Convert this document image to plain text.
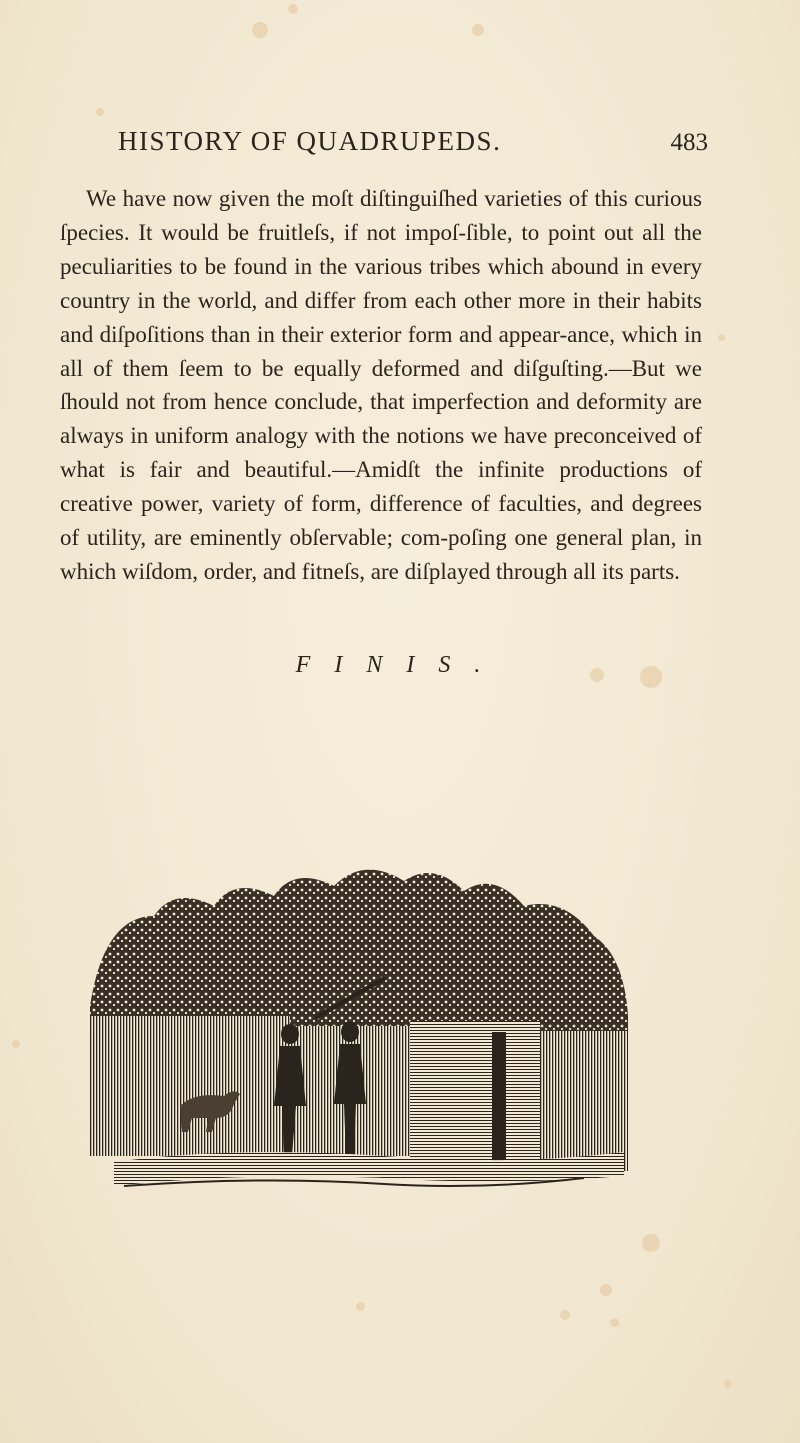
HISTORY OF QUADRUPEDS.	483

We have now given the moſt diſtinguiſhed varieties of this curious ſpecies. It would be fruitleſs, if not impoſ-ſible, to point out all the peculiarities to be found in the various tribes which abound in every country in the world, and differ from each other more in their habits and diſpoſitions than in their exterior form and appear-ance, which in all of them ſeem to be equally deformed and diſguſting.—But we ſhould not from hence conclude, that imperfection and deformity are always in uniform analogy with the notions we have preconceived of what is fair and beautiful.—Amidſt the infinite productions of creative power, variety of form, difference of faculties, and degrees of utility, are eminently obſervable; com-poſing one general plan, in which wiſdom, order, and fitneſs, are diſplayed through all its parts.

FINIS.
